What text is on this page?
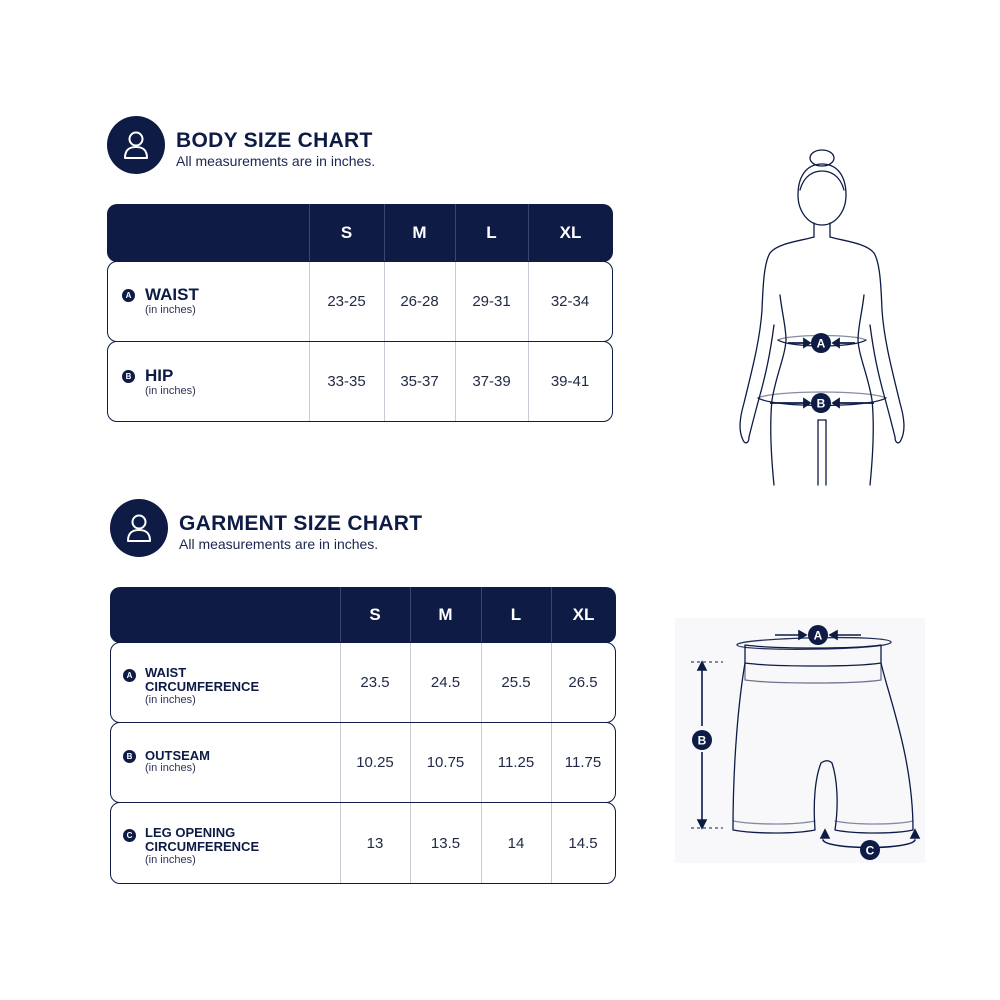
BODY SIZE CHART
All measurements are in inches.
S	M	L	XL
A WAIST
(in inches)	23-25	26-28	29-31	32-34
B HIP
(in inches)
33-35	35-37	37-39	39-41
A
B
GARMENT SIZE CHART
All measurements are in inches.
S	M	L	XL
A WAIST
CIRCUMFERENCE
(in inches)
23.5	24.5	25.5	26.5
B OUTSEAM
(in inches)	10.25	10.75	11.25	11.75
C LEG OPENING
CIRCUMFERENCE
(in inches)
13	13.5	14	14.5
B
A
C
